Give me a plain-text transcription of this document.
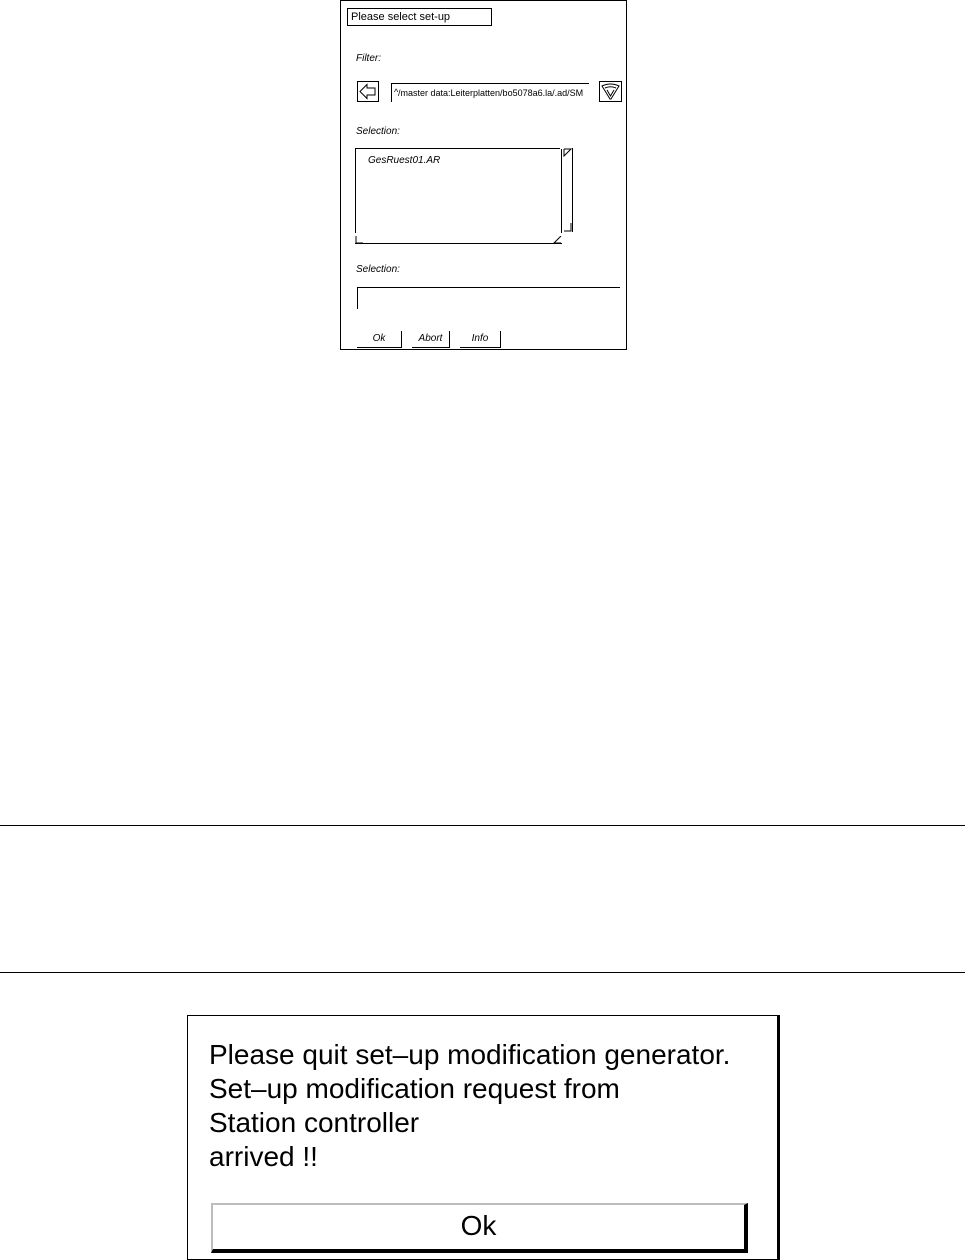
Please select set-up
Filter:
^ /master data:Leiterplatten/bo5078a6.la/.ad/SM
Selection:
GesRuest01.AR
Selection:
Ok	Abort	Info
Please quit set–up modification generator.
Set–up modification request from
Station controller
arrived !!
Ok
